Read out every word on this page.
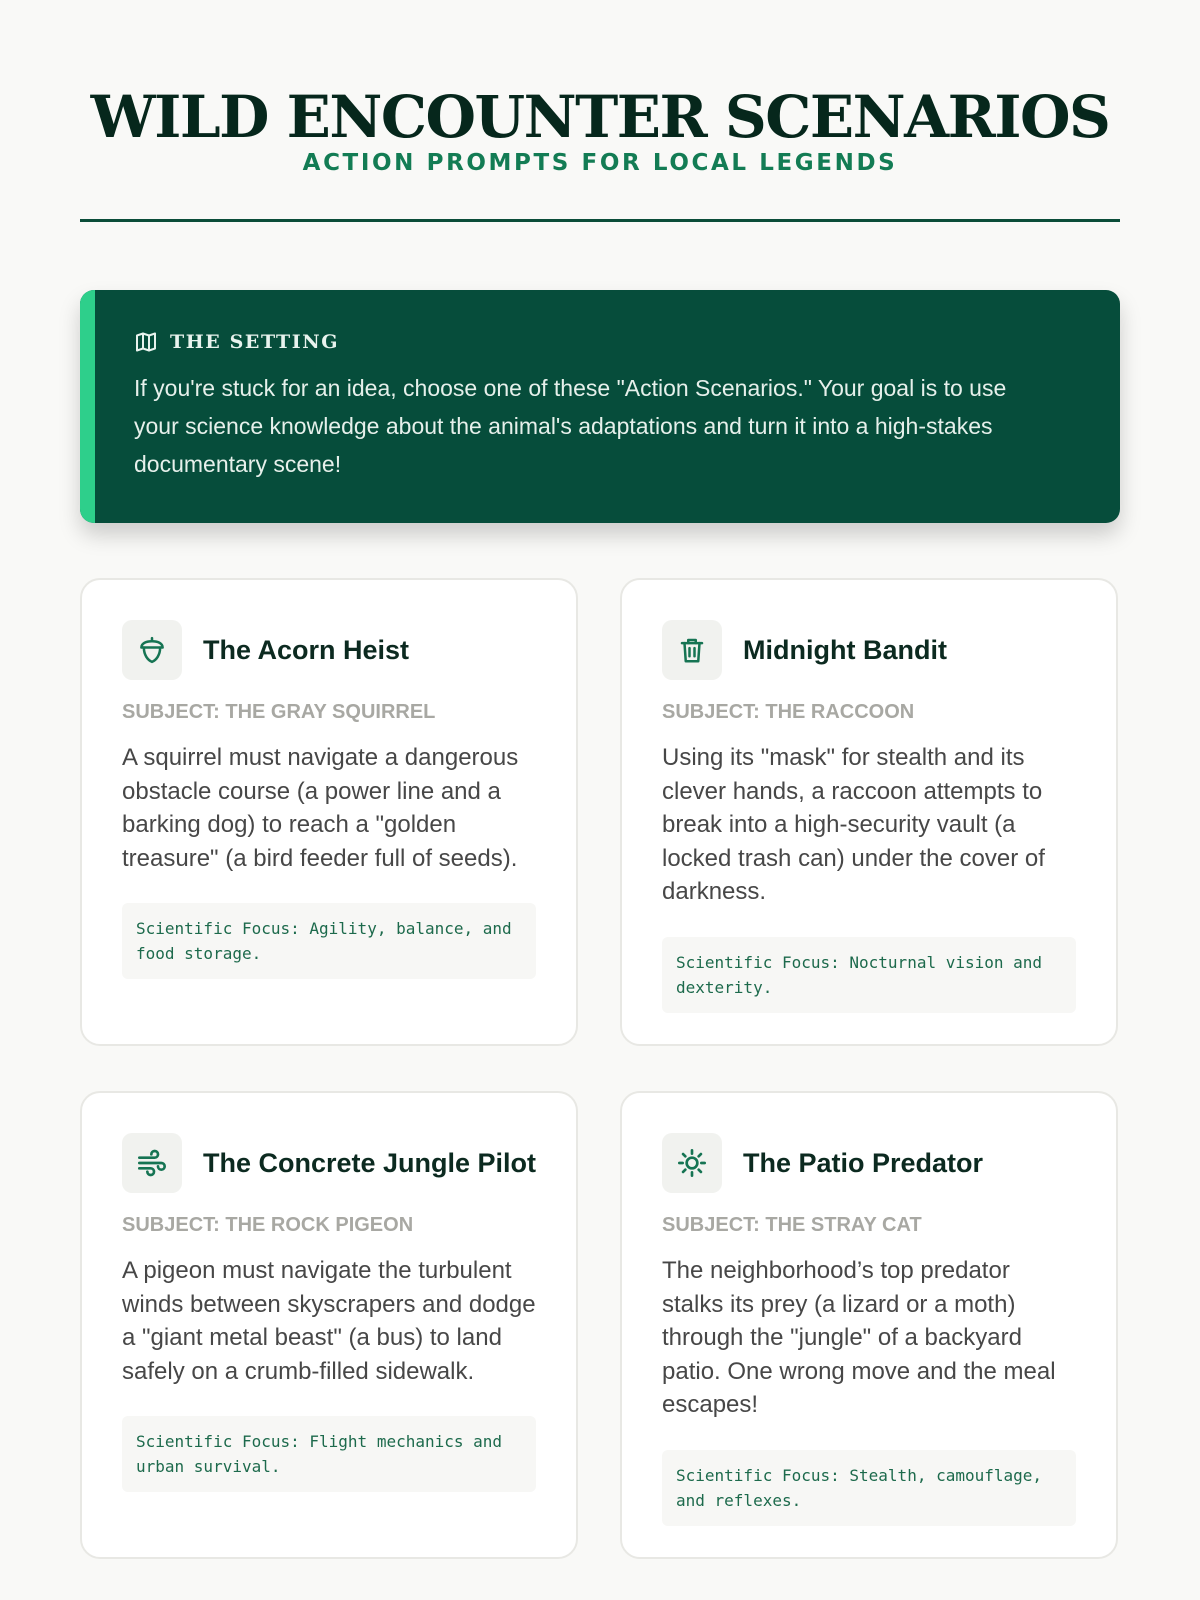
WILD ENCOUNTER SCENARIOS
ACTION PROMPTS FOR LOCAL LEGENDS
THE SETTING

If you're stuck for an idea, choose one of these "Action Scenarios." Your goal is to use your science knowledge about the animal's adaptations and turn it into a high-stakes documentary scene!

The Acorn Heist
SUBJECT: THE GRAY SQUIRREL

A squirrel must navigate a dangerous obstacle course (a power line and a barking dog) to reach a "golden treasure" (a bird feeder full of seeds).

Scientific Focus: Agility, balance, and food storage.
Midnight Bandit
SUBJECT: THE RACCOON

Using its "mask" for stealth and its clever hands, a raccoon attempts to break into a high-security vault (a locked trash can) under the cover of darkness.

Scientific Focus: Nocturnal vision and dexterity.
The Concrete Jungle Pilot
SUBJECT: THE ROCK PIGEON

A pigeon must navigate the turbulent winds between skyscrapers and dodge a "giant metal beast" (a bus) to land safely on a crumb-filled sidewalk.

Scientific Focus: Flight mechanics and urban survival.
The Patio Predator
SUBJECT: THE STRAY CAT

The neighborhood’s top predator stalks its prey (a lizard or a moth) through the "jungle" of a backyard patio. One wrong move and the meal escapes!

Scientific Focus: Stealth, camouflage, and reflexes.
